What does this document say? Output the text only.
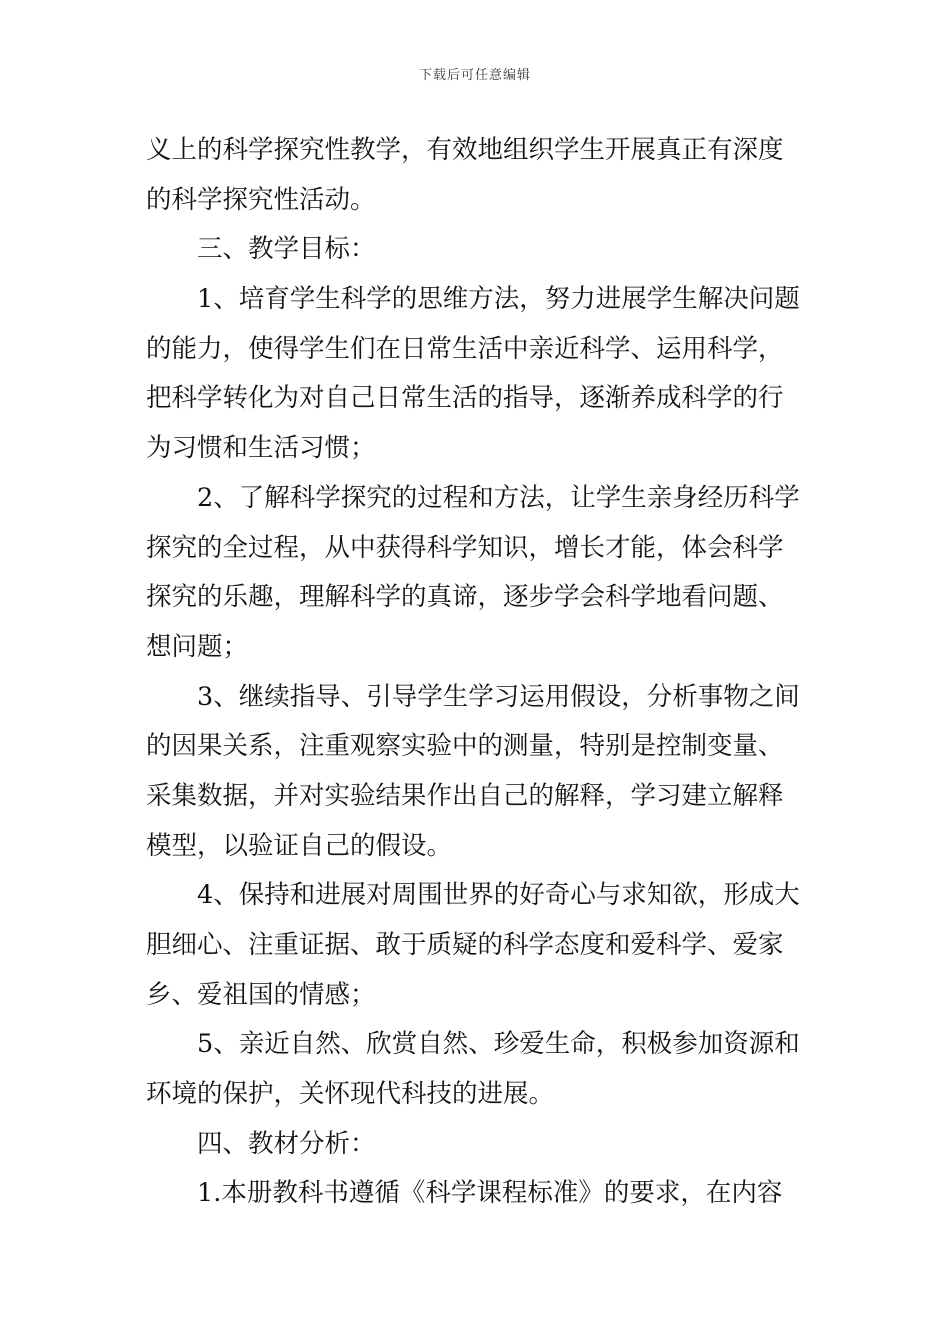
下载后可任意编辑
义上的科学探究性教学，有效地组织学生开展真正有深度
的科学探究性活动。
三、教学目标：
1、培育学生科学的思维方法，努力进展学生解决问题
的能力，使得学生们在日常生活中亲近科学、运用科学，
把科学转化为对自己日常生活的指导，逐渐养成科学的行
为习惯和生活习惯；
2、了解科学探究的过程和方法，让学生亲身经历科学
探究的全过程，从中获得科学知识，增长才能，体会科学
探究的乐趣，理解科学的真谛，逐步学会科学地看问题、
想问题；
3、继续指导、引导学生学习运用假设，分析事物之间
的因果关系，注重观察实验中的测量，特别是控制变量、
采集数据，并对实验结果作出自己的解释，学习建立解释
模型，以验证自己的假设。
4、保持和进展对周围世界的好奇心与求知欲，形成大
胆细心、注重证据、敢于质疑的科学态度和爱科学、爱家
乡、爱祖国的情感；
5、亲近自然、欣赏自然、珍爱生命，积极参加资源和
环境的保护，关怀现代科技的进展。
四、教材分析：
1.本册教科书遵循《科学课程标准》的要求，在内容
